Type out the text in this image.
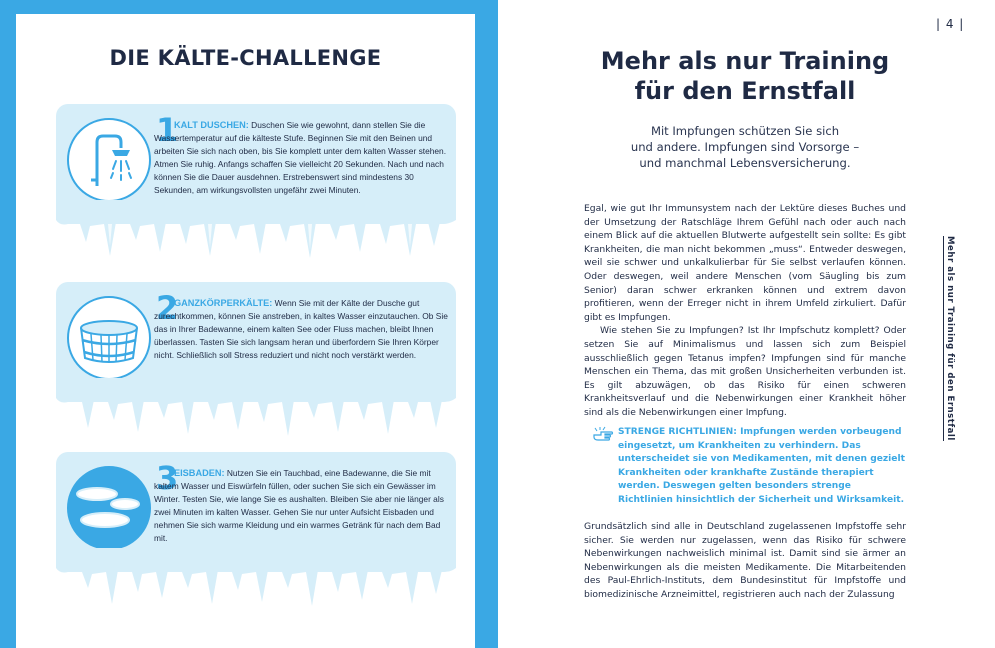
DIE KÄLTE-CHALLENGE
1
KALT DUSCHEN: Duschen Sie wie gewohnt, dann stellen Sie die Wassertemperatur auf die kälteste Stufe. Beginnen Sie mit den Beinen und arbeiten Sie sich nach oben, bis Sie komplett unter dem kalten Wasser stehen. Atmen Sie ruhig. Anfangs schaffen Sie vielleicht 20 Sekunden. Nach und nach können Sie die Dauer ausdehnen. Erstrebenswert sind mindestens 30 Sekunden, am wirkungsvollsten ungefähr zwei Minuten.
2
GANZKÖRPERKÄLTE: Wenn Sie mit der Kälte der Dusche gut zurechtkommen, können Sie anstreben, in kaltes Wasser einzutauchen. Ob Sie das in Ihrer Badewanne, einem kalten See oder Fluss machen, bleibt Ihnen überlassen. Tasten Sie sich langsam heran und überfordern Sie Ihren Körper nicht. Schließlich soll Stress reduziert und nicht noch verstärkt werden.
3
EISBADEN: Nutzen Sie ein Tauchbad, eine Badewanne, die Sie mit kaltem Wasser und Eiswürfeln füllen, oder suchen Sie sich ein Gewässer im Winter. Testen Sie, wie lange Sie es aushalten. Bleiben Sie aber nie länger als zwei Minuten im kalten Wasser. Gehen Sie nur unter Aufsicht Eisbaden und nehmen Sie sich warme Kleidung und ein warmes Getränk für nach dem Bad mit.
| 4 |
Mehr als nur Training
für den Ernstfall
Mit Impfungen schützen Sie sich
und andere. Impfungen sind Vorsorge –
und manchmal Lebensversicherung.

Egal, wie gut Ihr Immunsystem nach der Lektüre dieses Buches und der Umsetzung der Ratschläge Ihrem Gefühl nach oder auch nach einem Blick auf die aktuellen Blutwerte aufgestellt sein sollte: Es gibt Krankheiten, die man nicht bekommen „muss“. Entweder deswegen, weil sie schwer und unkalkulierbar für Sie selbst verlaufen können. Oder deswegen, weil andere Menschen (vom Säugling bis zum Senior) daran schwer erkranken können und extrem davon profitieren, wenn der Erreger nicht in ihrem Umfeld zirkuliert. Dafür gibt es Impfungen.

Wie stehen Sie zu Impfungen? Ist Ihr Impfschutz komplett? Oder setzen Sie auf Minimalismus und lassen sich zum Beispiel ausschließlich gegen Tetanus impfen? Impfungen sind für manche Menschen ein Thema, das mit großen Unsicherheiten verbunden ist. Es gilt abzuwägen, ob das Risiko für einen schweren Krankheitsverlauf und die Nebenwirkungen einer Krankheit höher sind als die Nebenwirkungen einer Impfung.

STRENGE RICHTLINIEN: Impfungen werden vorbeugend eingesetzt, um Krankheiten zu verhindern. Das unterscheidet sie von Medikamenten, mit denen gezielt Krankheiten oder krankhafte Zustände therapiert werden. Deswegen gelten besonders strenge Richtlinien hinsichtlich der Sicherheit und Wirksamkeit.

Grundsätzlich sind alle in Deutschland zugelassenen Impfstoffe sehr sicher. Sie werden nur zugelassen, wenn das Risiko für schwere Nebenwirkungen nachweislich minimal ist. Damit sind sie ärmer an Nebenwirkungen als die meisten Medikamente. Die Mitarbeitenden des Paul-Ehrlich-Instituts, dem Bundesinstitut für Impfstoffe und biomedizinische Arzneimittel, registrieren auch nach der Zulassung

Mehr als nur Training für den Ernstfall
